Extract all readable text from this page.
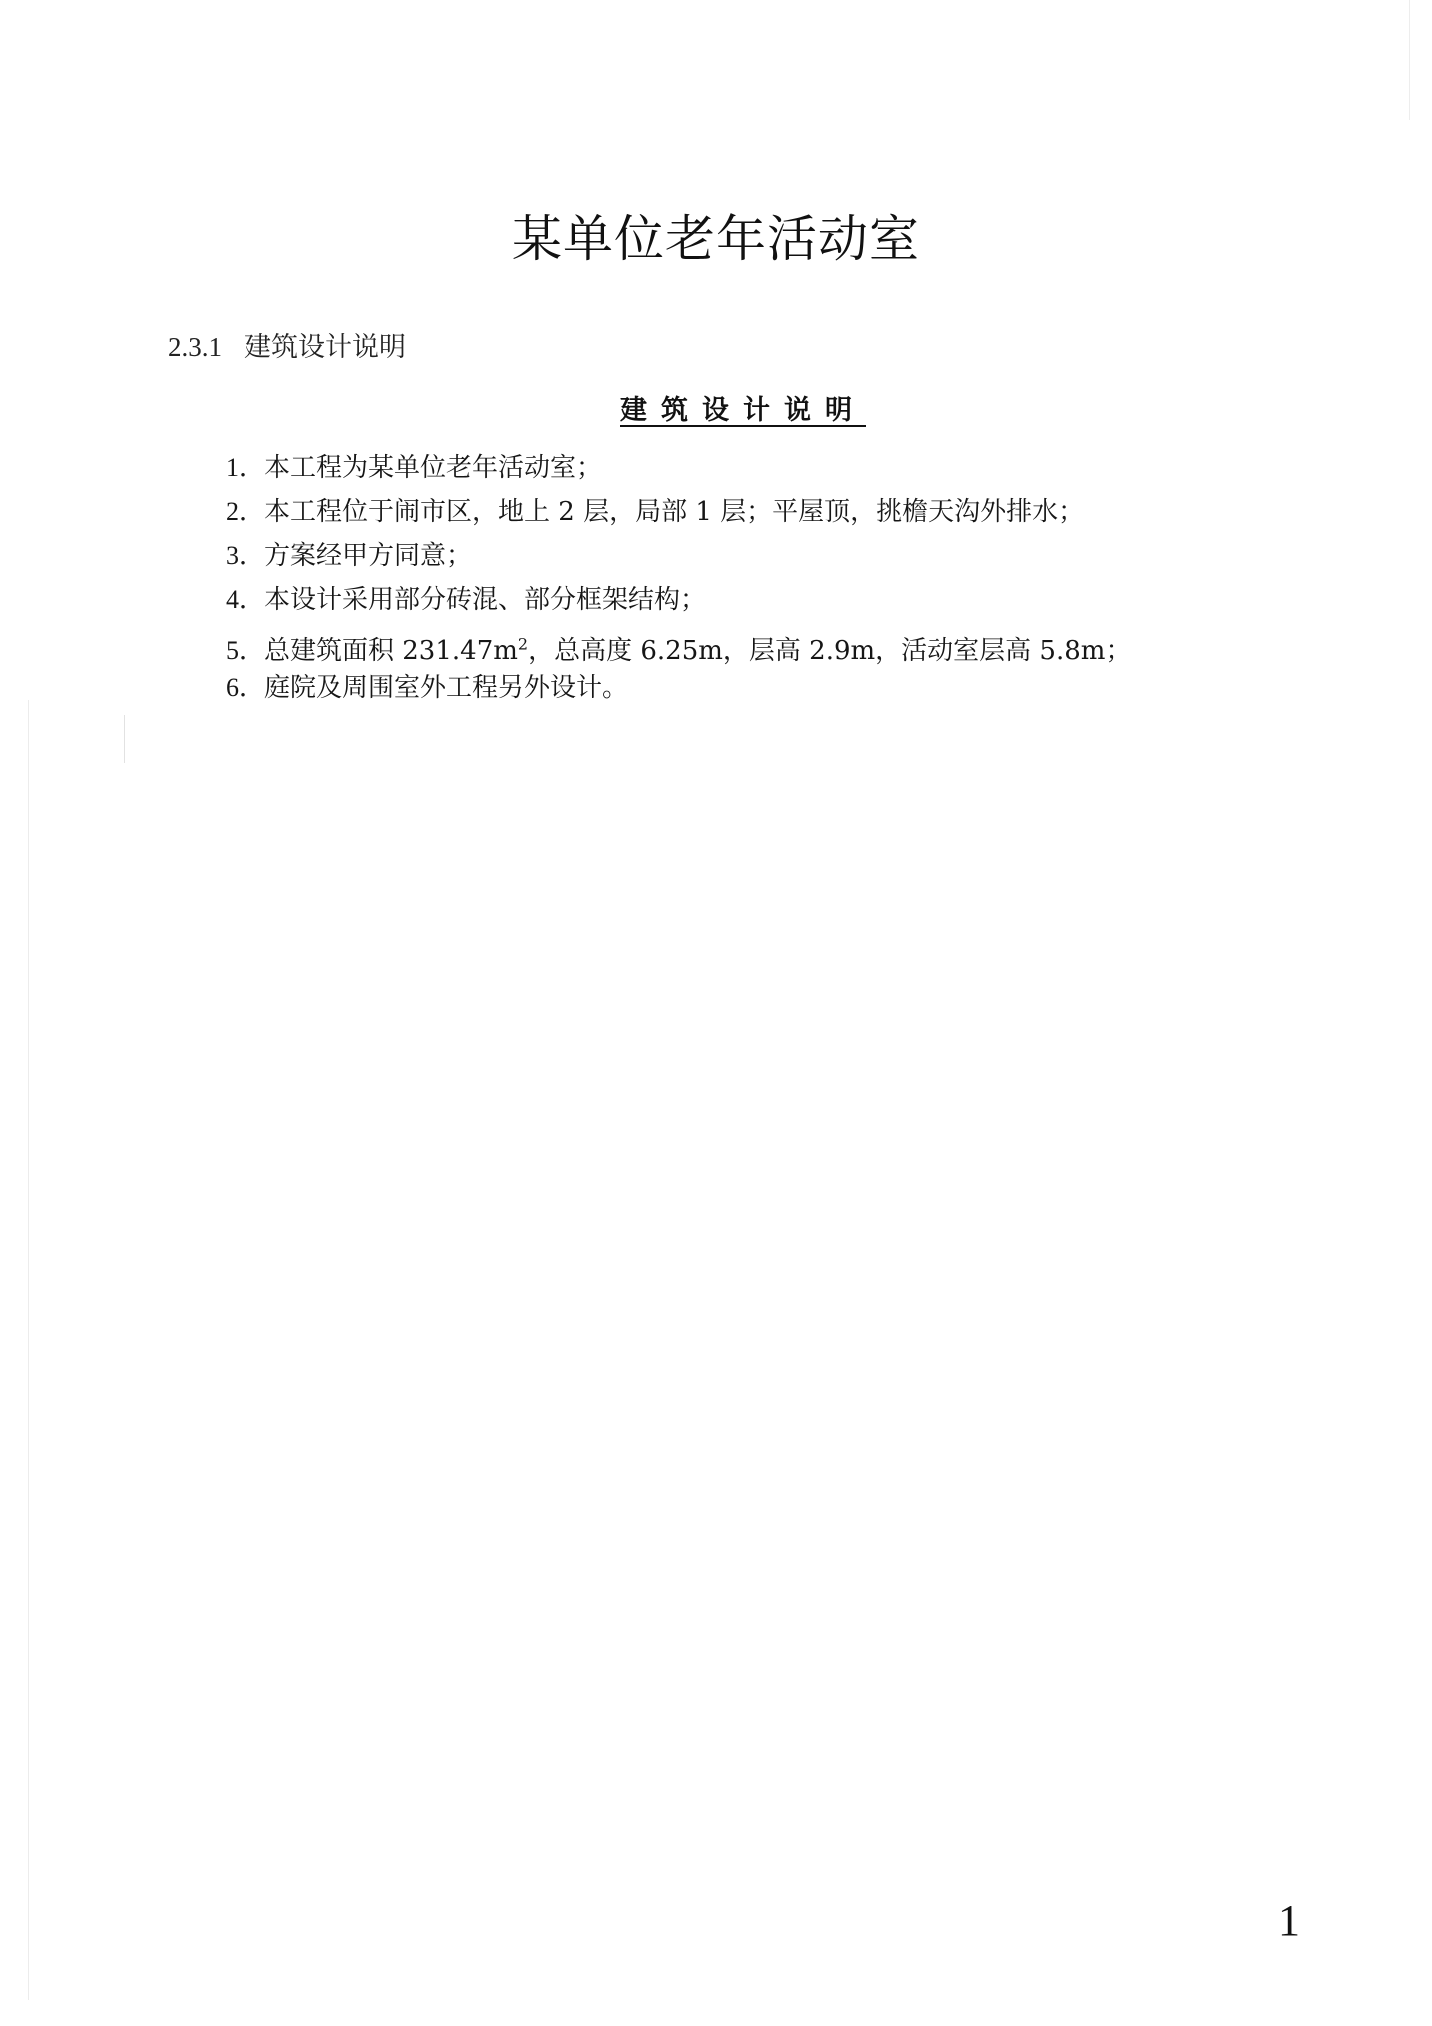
某单位老年活动室
2.3.1 建筑设计说明
建筑设计说明
1．本工程为某单位老年活动室；
2．本工程位于闹市区，地上 2 层，局部 1 层；平屋顶，挑檐天沟外排水；
3．方案经甲方同意；
4．本设计采用部分砖混、部分框架结构；
5．总建筑面积 $231.47m^2$，总高度 6.25m，层高 2.9m，活动室层高 5.8m；
6．庭院及周围室外工程另外设计。
1
